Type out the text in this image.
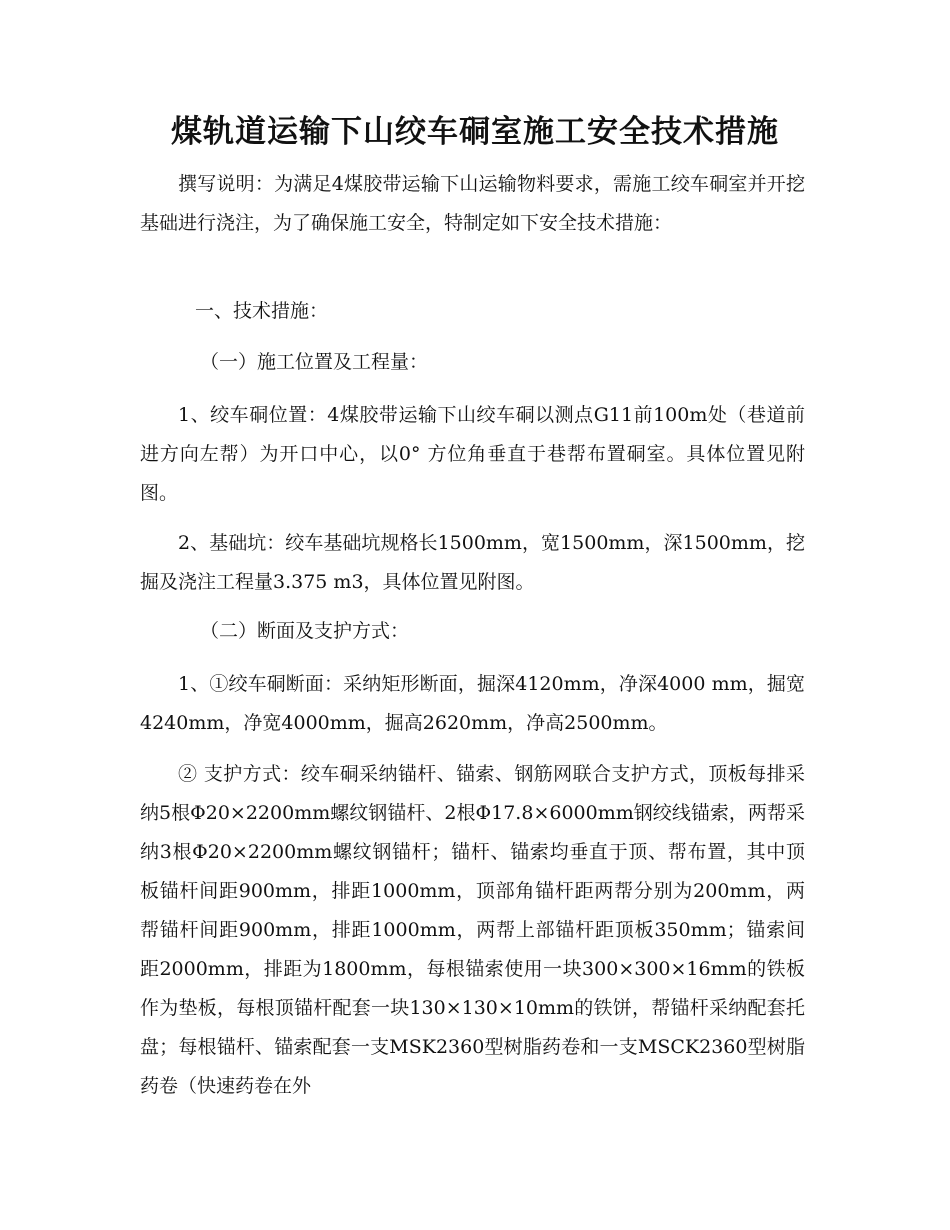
煤轨道运输下山绞车硐室施工安全技术措施
撰写说明：为满足4煤胶带运输下山运输物料要求，需施工绞车硐室并开挖基础进行浇注，为了确保施工安全，特制定如下安全技术措施：
一、技术措施：
（一）施工位置及工程量：
1、绞车硐位置：4煤胶带运输下山绞车硐以测点G11前100m处（巷道前进方向左帮）为开口中心，以0° 方位角垂直于巷帮布置硐室。具体位置见附图。
2、基础坑：绞车基础坑规格长1500mm，宽1500mm，深1500mm，挖掘及浇注工程量3.375 m3，具体位置见附图。
（二）断面及支护方式：
1、①绞车硐断面：采纳矩形断面，掘深4120mm，净深4000 mm，掘宽4240mm，净宽4000mm，掘高2620mm，净高2500mm。
② 支护方式：绞车硐采纳锚杆、锚索、钢筋网联合支护方式，顶板每排采纳5根Φ20×2200mm螺纹钢锚杆、2根Φ17.8×6000mm钢绞线锚索，两帮采纳3根Φ20×2200mm螺纹钢锚杆；锚杆、锚索均垂直于顶、帮布置，其中顶板锚杆间距900mm，排距1000mm，顶部角锚杆距两帮分别为200mm，两帮锚杆间距900mm，排距1000mm，两帮上部锚杆距顶板350mm；锚索间距2000mm，排距为1800mm，每根锚索使用一块300×300×16mm的铁板作为垫板，每根顶锚杆配套一块130×130×10mm的铁饼，帮锚杆采纳配套托盘；每根锚杆、锚索配套一支MSK2360型树脂药卷和一支MSCK2360型树脂药卷（快速药卷在外
